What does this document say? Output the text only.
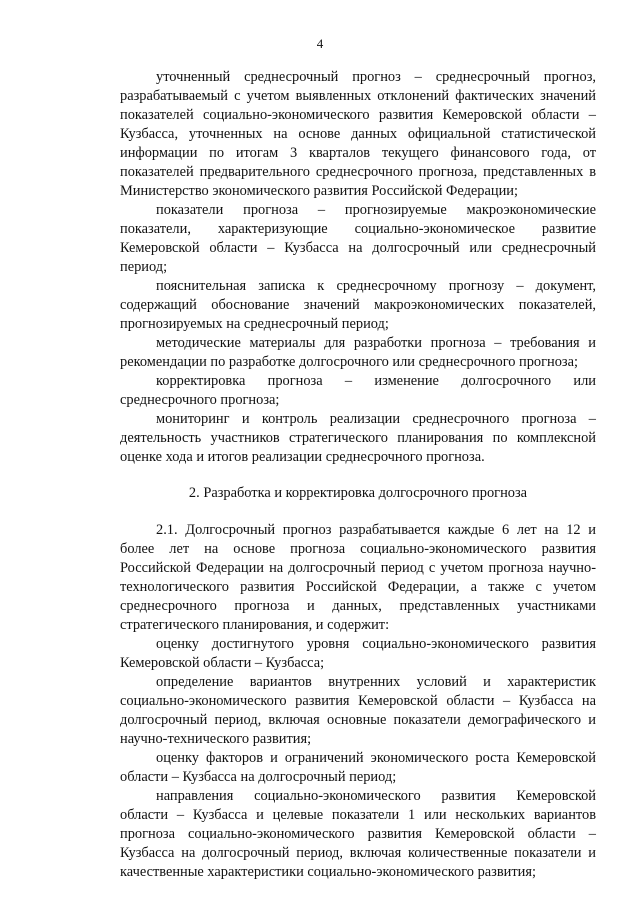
4

уточненный среднесрочный прогноз – среднесрочный прогноз, разрабатываемый с учетом выявленных отклонений фактических значений показателей социально-экономического развития Кемеровской области – Кузбасса, уточненных на основе данных официальной статистической информации по итогам 3 кварталов текущего финансового года, от показателей предварительного среднесрочного прогноза, представленных в Министерство экономического развития Российской Федерации;

показатели прогноза – прогнозируемые макроэкономические показатели, характеризующие социально-экономическое развитие Кемеровской области – Кузбасса на долгосрочный или среднесрочный период;

пояснительная записка к среднесрочному прогнозу – документ, содержащий обоснование значений макроэкономических показателей, прогнозируемых на среднесрочный период;

методические материалы для разработки прогноза – требования и рекомендации по разработке долгосрочного или среднесрочного прогноза;

корректировка прогноза – изменение долгосрочного или среднесрочного прогноза;

мониторинг и контроль реализации среднесрочного прогноза – деятельность участников стратегического планирования по комплексной оценке хода и итогов реализации среднесрочного прогноза.

2. Разработка и корректировка долгосрочного прогноза

2.1. Долгосрочный прогноз разрабатывается каждые 6 лет на 12 и более лет на основе прогноза социально-экономического развития Российской Федерации на долгосрочный период с учетом прогноза научно-технологического развития Российской Федерации, а также с учетом среднесрочного прогноза и данных, представленных участниками стратегического планирования, и содержит:

оценку достигнутого уровня социально-экономического развития Кемеровской области – Кузбасса;

определение вариантов внутренних условий и характеристик социально-экономического развития Кемеровской области – Кузбасса на долгосрочный период, включая основные показатели демографического и научно-технического развития;

оценку факторов и ограничений экономического роста Кемеровской области – Кузбасса на долгосрочный период;

направления социально-экономического развития Кемеровской области – Кузбасса и целевые показатели 1 или нескольких вариантов прогноза социально-экономического развития Кемеровской области – Кузбасса на долгосрочный период, включая количественные показатели и качественные характеристики социально-экономического развития;
